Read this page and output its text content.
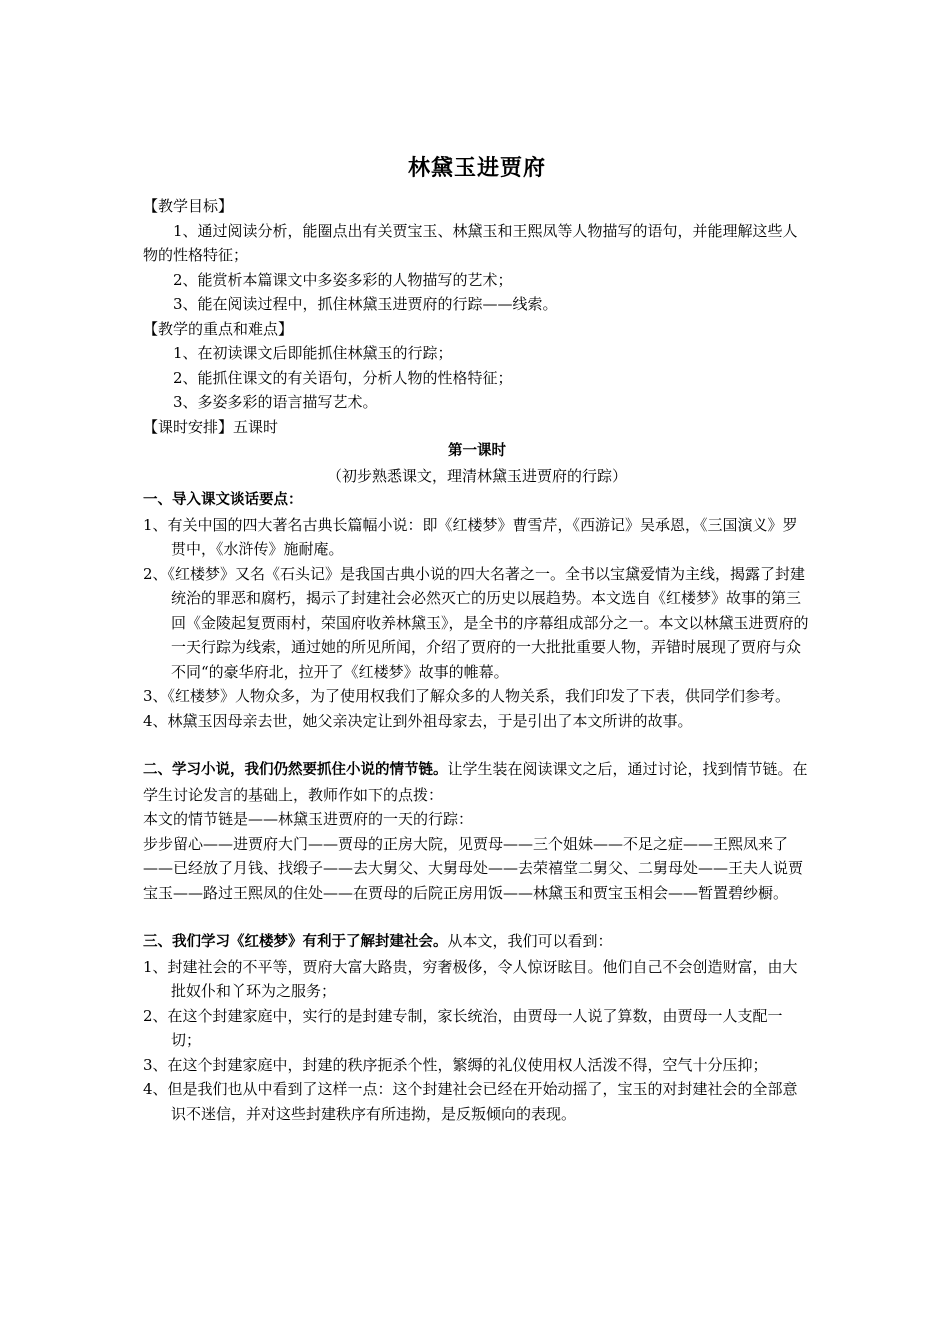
林黛玉进贾府

【教学目标】

1、通过阅读分析，能圈点出有关贾宝玉、林黛玉和王熙凤等人物描写的语句，并能理解这些人物的性格特征；

2、能赏析本篇课文中多姿多彩的人物描写的艺术；

3、能在阅读过程中，抓住林黛玉进贾府的行踪——线索。

【教学的重点和难点】

1、在初读课文后即能抓住林黛玉的行踪；

2、能抓住课文的有关语句，分析人物的性格特征；

3、多姿多彩的语言描写艺术。

【课时安排】五课时

第一课时

（初步熟悉课文，理清林黛玉进贾府的行踪）

一、导入课文谈话要点：

1、有关中国的四大著名古典长篇幅小说：即《红楼梦》曹雪芹，《西游记》吴承恩，《三国演义》罗贯中，《水浒传》施耐庵。

2、《红楼梦》又名《石头记》是我国古典小说的四大名著之一。全书以宝黛爱情为主线，揭露了封建统治的罪恶和腐朽，揭示了封建社会必然灭亡的历史以展趋势。本文选自《红楼梦》故事的第三回《金陵起复贾雨村，荣国府收养林黛玉》，是全书的序幕组成部分之一。本文以林黛玉进贾府的一天行踪为线索，通过她的所见所闻，介绍了贾府的一大批批重要人物，弄错时展现了贾府与众不同“的豪华府北，拉开了《红楼梦》故事的帷幕。

3、《红楼梦》人物众多，为了使用权我们了解众多的人物关系，我们印发了下表，供同学们参考。

4、林黛玉因母亲去世，她父亲决定让到外祖母家去，于是引出了本文所讲的故事。

二、学习小说，我们仍然要抓住小说的情节链。让学生装在阅读课文之后，通过讨论，找到情节链。在学生讨论发言的基础上，教师作如下的点拨：

本文的情节链是——林黛玉进贾府的一天的行踪：

步步留心——进贾府大门——贾母的正房大院，见贾母——三个姐妹——不足之症——王熙凤来了——已经放了月钱、找缎子——去大舅父、大舅母处——去荣禧堂二舅父、二舅母处——王夫人说贾宝玉——路过王熙凤的住处——在贾母的后院正房用饭——林黛玉和贾宝玉相会——暂置碧纱橱。

三、我们学习《红楼梦》有利于了解封建社会。从本文，我们可以看到：

1、封建社会的不平等，贾府大富大路贵，穷奢极侈，令人惊讶眩目。他们自己不会创造财富，由大批奴仆和丫环为之服务；

2、在这个封建家庭中，实行的是封建专制，家长统治，由贾母一人说了算数，由贾母一人支配一切；

3、在这个封建家庭中，封建的秩序扼杀个性，繁缛的礼仪使用权人活泼不得，空气十分压抑；

4、但是我们也从中看到了这样一点：这个封建社会已经在开始动摇了，宝玉的对封建社会的全部意识不迷信，并对这些封建秩序有所违拗，是反叛倾向的表现。
